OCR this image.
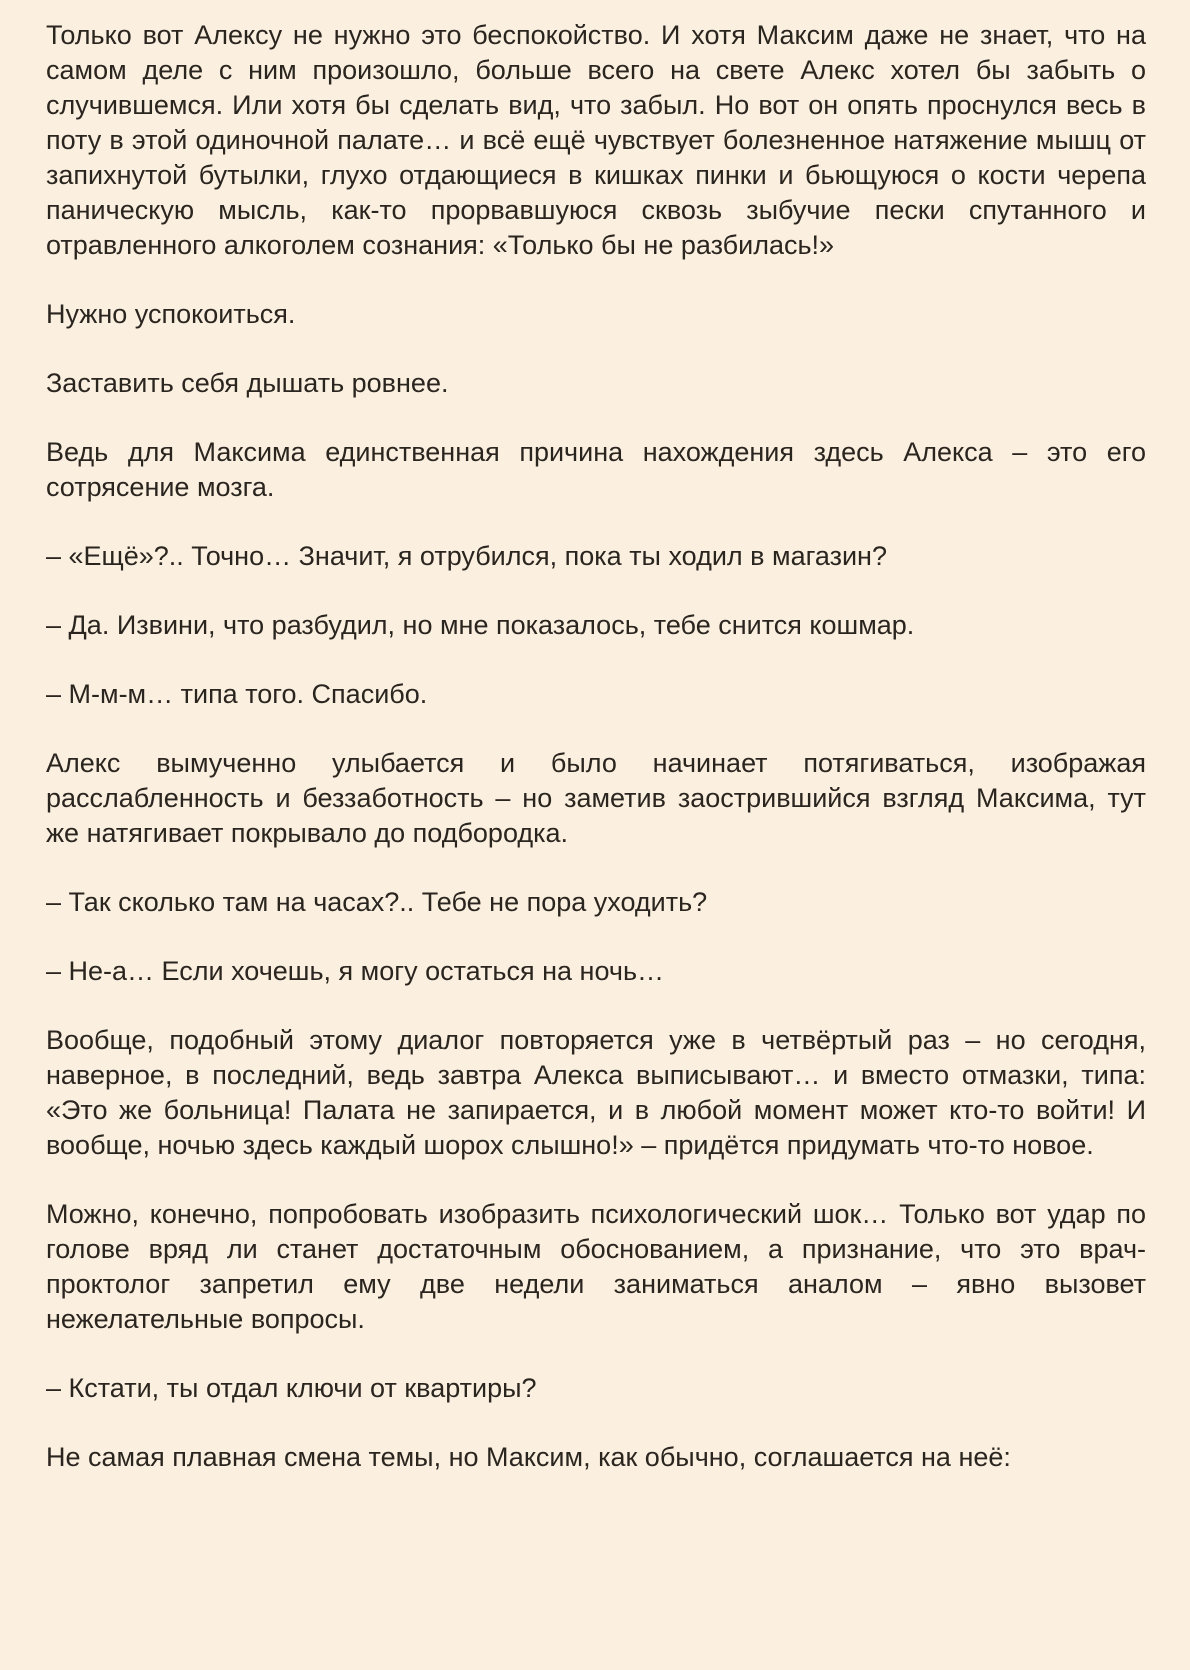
Только вот Алексу не нужно это беспокойство. И хотя Максим даже не знает, что на самом деле с ним произошло, больше всего на свете Алекс хотел бы забыть о случившемся. Или хотя бы сделать вид, что забыл. Но вот он опять проснулся весь в поту в этой одиночной палате… и всё ещё чувствует болезненное натяжение мышц от запихнутой бутылки, глухо отдающиеся в кишках пинки и бьющуюся о кости черепа паническую мысль, как-то прорвавшуюся сквозь зыбучие пески спутанного и отравленного алкоголем сознания: «Только бы не разбилась!»

Нужно успокоиться.

Заставить себя дышать ровнее.

Ведь для Максима единственная причина нахождения здесь Алекса – это его сотрясение мозга.

– «Ещё»?.. Точно… Значит, я отрубился, пока ты ходил в магазин?

– Да. Извини, что разбудил, но мне показалось, тебе снится кошмар.

– М-м-м… типа того. Спасибо.

Алекс вымученно улыбается и было начинает потягиваться, изображая расслабленность и беззаботность – но заметив заострившийся взгляд Максима, тут же натягивает покрывало до подбородка.

– Так сколько там на часах?.. Тебе не пора уходить?

– Не-а… Если хочешь, я могу остаться на ночь…

Вообще, подобный этому диалог повторяется уже в четвёртый раз – но сегодня, наверное, в последний, ведь завтра Алекса выписывают… и вместо отмазки, типа: «Это же больница! Палата не запирается, и в любой момент может кто-то войти! И вообще, ночью здесь каждый шорох слышно!» – придётся придумать что-то новое.

Можно, конечно, попробовать изобразить психологический шок… Только вот удар по голове вряд ли станет достаточным обоснованием, а признание, что это врач-проктолог запретил ему две недели заниматься аналом – явно вызовет нежелательные вопросы.

– Кстати, ты отдал ключи от квартиры?

Не самая плавная смена темы, но Максим, как обычно, соглашается на неё:
